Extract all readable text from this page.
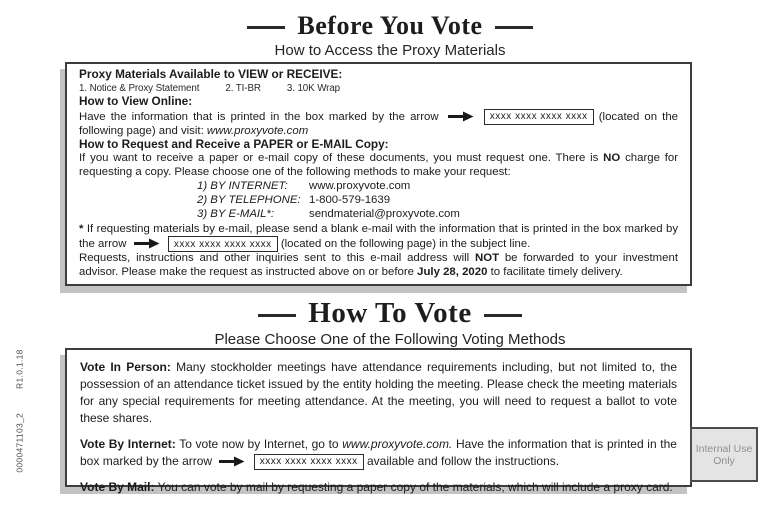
0000471103_2R1.0.1.18
Before You Vote
How to Access the Proxy Materials

Proxy Materials Available to VIEW or RECEIVE:

1. Notice & Proxy Statement	2. TI-BR	3. 10K Wrap

How to View Online:

Have the information that is printed in the box marked by the arrow	xxxx xxxx xxxx xxxx (located on the following page) and visit: www.proxyvote.com

How to Request and Receive a PAPER or E-MAIL Copy:

If you want to receive a paper or e-mail copy of these documents, you must request one. There is NO charge for requesting a copy. Please choose one of the following methods to make your request:

1) BY INTERNET: www.proxyvote.com
2) BY TELEPHONE: 1-800-579-1639
3) BY E-MAIL*:	sendmaterial@proxyvote.com

* If requesting materials by e-mail, please send a blank e-mail with the information that is printed in the box marked by the arrow	xxxx xxxx xxxx xxxx (located on the following page) in the subject line.

Requests, instructions and other inquiries sent to this e-mail address will NOT be forwarded to your investment advisor. Please make the request as instructed above on or before July 28, 2020 to facilitate timely delivery.

How To Vote
Please Choose One of the Following Voting Methods

Vote In Person: Many stockholder meetings have attendance requirements including, but not limited to, the possession of an attendance ticket issued by the entity holding the meeting. Please check the meeting materials for any special requirements for meeting attendance. At the meeting, you will need to request a ballot to vote these shares.

Vote By Internet: To vote now by Internet, go to www.proxyvote.com. Have the information that is printed in the box marked by the arrow	xxxx xxxx xxxx xxxx available and follow the instructions.

Vote By Mail: You can vote by mail by requesting a paper copy of the materials, which will include a proxy card.

Internal Use Only
